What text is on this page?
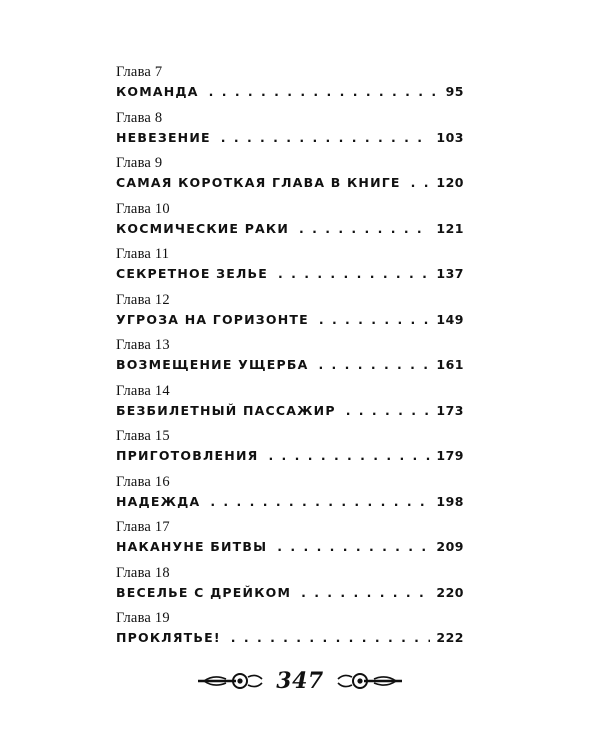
Глава 7
КОМАНДА . . .	95
Глава 8
НЕВЕЗЕНИЕ . . .	103
Глава 9
САМАЯ КОРОТКАЯ ГЛАВА В КНИГЕ . . .	120
Глава 10
КОСМИЧЕСКИЕ РАКИ . . .	121
Глава 11
СЕКРЕТНОЕ ЗЕЛЬЕ . . .	137
Глава 12
УГРОЗА НА ГОРИЗОНТЕ . . .	149
Глава 13
ВОЗМЕЩЕНИЕ УЩЕРБА . . .	161
Глава 14
БЕЗБИЛЕТНЫЙ ПАССАЖИР . . .	173
Глава 15
ПРИГОТОВЛЕНИЯ . . .	179
Глава 16
НАДЕЖДА . . .	198
Глава 17
НАКАНУНЕ БИТВЫ . . .	209
Глава 18
ВЕСЕЛЬЕ С ДРЕЙКОМ . . .	220
Глава 19
ПРОКЛЯТЬЕ! . . .	222
347
